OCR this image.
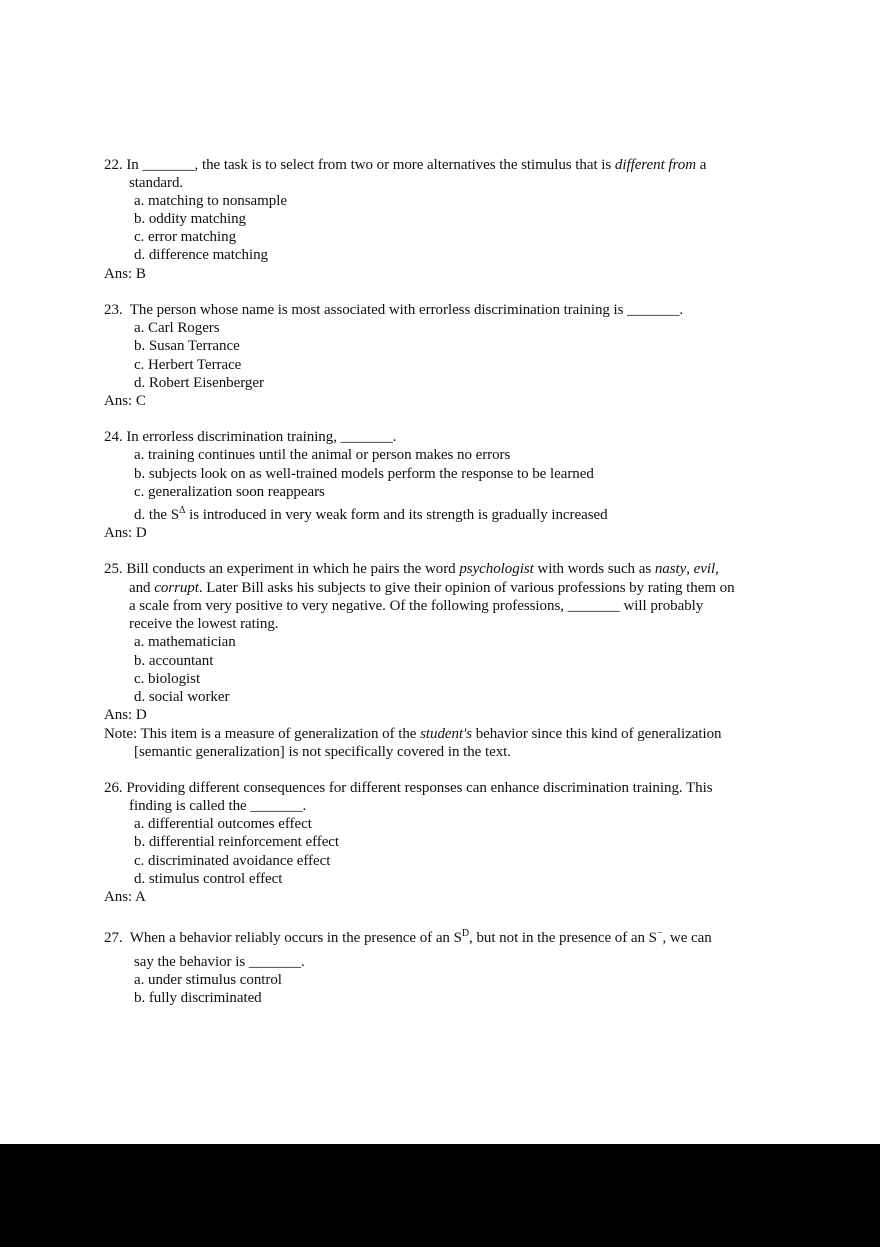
22. In _______, the task is to select from two or more alternatives the stimulus that is different from a
standard.
a. matching to nonsample
b. oddity matching
c. error matching
d. difference matching
Ans: B
23. The person whose name is most associated with errorless discrimination training is _______.
a. Carl Rogers
b. Susan Terrance
c. Herbert Terrace
d. Robert Eisenberger
Ans: C
24. In errorless discrimination training, _______.
a. training continues until the animal or person makes no errors
b. subjects look on as well-trained models perform the response to be learned
c. generalization soon reappears
d. the $S^\Delta$ is introduced in very weak form and its strength is gradually increased
Ans: D
25. Bill conducts an experiment in which he pairs the word psychologist with words such as nasty, evil,
and corrupt. Later Bill asks his subjects to give their opinion of various professions by rating them on
a scale from very positive to very negative. Of the following professions, _______ will probably
receive the lowest rating.
a. mathematician
b. accountant
c. biologist
d. social worker
Ans: D
Note: This item is a measure of generalization of the student's behavior since this kind of generalization
[semantic generalization] is not specifically covered in the text.
26. Providing different consequences for different responses can enhance discrimination training. This
finding is called the _______.
a. differential outcomes effect
b. differential reinforcement effect
c. discriminated avoidance effect
d. stimulus control effect
Ans: A
27. When a behavior reliably occurs in the presence of an $S^D$, but not in the presence of an S−, we can
say the behavior is _______.
a. under stimulus control
b. fully discriminated
